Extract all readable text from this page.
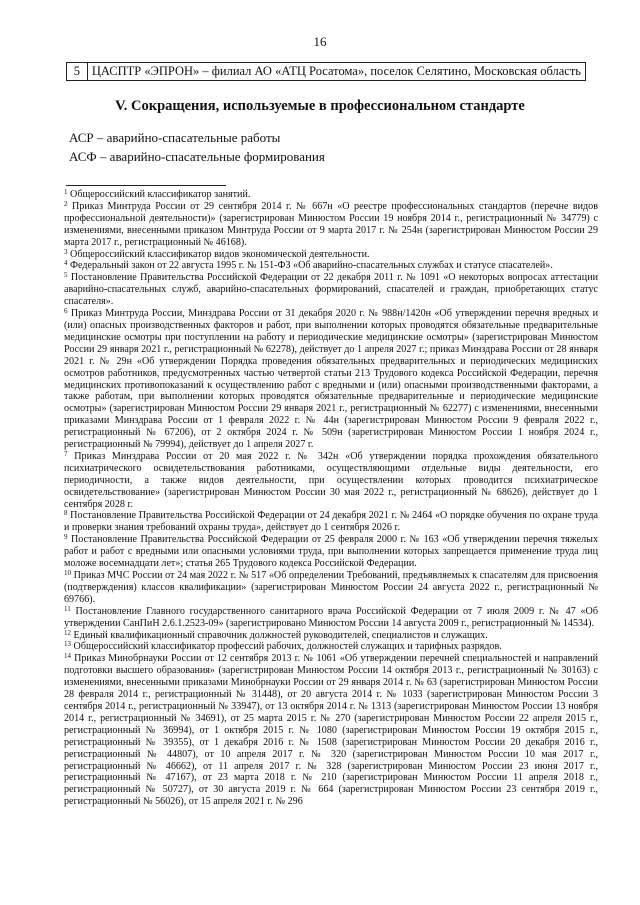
16
5	ЦАСПТР «ЭПРОН» – филиал АО «АТЦ Росатома», поселок Селятино, Московская область
V. Сокращения, используемые в профессиональном стандарте
АСР – аварийно-спасательные работы
АСФ – аварийно-спасательные формирования

$^1$ Общероссийский классификатор занятий.

$^2$ Приказ Минтруда России от 29 сентября 2014 г. № 667н «О реестре профессиональных стандартов (перечне видов профессиональной деятельности)» (зарегистрирован Минюстом России 19 ноября 2014 г., регистрационный № 34779) с изменениями, внесенными приказом Минтруда России от 9 марта 2017 г. № 254н (зарегистрирован Минюстом России 29 марта 2017 г., регистрационный № 46168).

$^3$ Общероссийский классификатор видов экономической деятельности.

$^4$ Федеральный закон от 22 августа 1995 г. № 151-ФЗ «Об аварийно-спасательных службах и статусе спасателей».

$^5$ Постановление Правительства Российской Федерации от 22 декабря 2011 г. № 1091 «О некоторых вопросах аттестации аварийно-спасательных служб, аварийно-спасательных формирований, спасателей и граждан, приобретающих статус спасателя».

$^6$ Приказ Минтруда России, Минздрава России от 31 декабря 2020 г. № 988н/1420н «Об утверждении перечня вредных и (или) опасных производственных факторов и работ, при выполнении которых проводятся обязательные предварительные медицинские осмотры при поступлении на работу и периодические медицинские осмотры» (зарегистрирован Минюстом России 29 января 2021 г., регистрационный № 62278), действует до 1 апреля 2027 г.; приказ Минздрава России от 28 января 2021 г. № 29н «Об утверждении Порядка проведения обязательных предварительных и периодических медицинских осмотров работников, предусмотренных частью четвертой статьи 213 Трудового кодекса Российской Федерации, перечня медицинских противопоказаний к осуществлению работ с вредными и (или) опасными производственными факторами, а также работам, при выполнении которых проводятся обязательные предварительные и периодические медицинские осмотры» (зарегистрирован Минюстом России 29 января 2021 г., регистрационный № 62277) с изменениями, внесенными приказами Минздрава России от 1 февраля 2022 г. № 44н (зарегистрирован Минюстом России 9 февраля 2022 г., регистрационный № 67206), от 2 октября 2024 г. № 509н (зарегистрирован Минюстом России 1 ноября 2024 г., регистрационный № 79994), действует до 1 апреля 2027 г.

$^7$ Приказ Минздрава России от 20 мая 2022 г. № 342н «Об утверждении порядка прохождения обязательного психиатрического освидетельствования работниками, осуществляющими отдельные виды деятельности, его периодичности, а также видов деятельности, при осуществлении которых проводится психиатрическое освидетельствование» (зарегистрирован Минюстом России 30 мая 2022 г., регистрационный № 68626), действует до 1 сентября 2028 г.

$^8$ Постановление Правительства Российской Федерации от 24 декабря 2021 г. № 2464 «О порядке обучения по охране труда и проверки знания требований охраны труда», действует до 1 сентября 2026 г.

$^9$ Постановление Правительства Российской Федерации от 25 февраля 2000 г. № 163 «Об утверждении перечня тяжелых работ и работ с вредными или опасными условиями труда, при выполнении которых запрещается применение труда лиц моложе восемнадцати лет»; статья 265 Трудового кодекса Российской Федерации.

$^{10}$ Приказ МЧС России от 24 мая 2022 г. № 517 «Об определении Требований, предъявляемых к спасателям для присвоения (подтверждения) классов квалификации» (зарегистрирован Минюстом России 24 августа 2022 г., регистрационный № 69766).

$^{11}$ Постановление Главного государственного санитарного врача Российской Федерации от 7 июля 2009 г. № 47 «Об утверждении СанПиН 2.6.1.2523-09» (зарегистрировано Минюстом России 14 августа 2009 г., регистрационный № 14534).

$^{12}$ Единый квалификационный справочник должностей руководителей, специалистов и служащих.

$^{13}$ Общероссийский классификатор профессий рабочих, должностей служащих и тарифных разрядов.

$^{14}$ Приказ Минобрнауки России от 12 сентября 2013 г. № 1061 «Об утверждении перечней специальностей и направлений подготовки высшего образования» (зарегистрирован Минюстом России 14 октября 2013 г., регистрационный № 30163) с изменениями, внесенными приказами Минобрнауки России от 29 января 2014 г. № 63 (зарегистрирован Минюстом России 28 февраля 2014 г., регистрационный № 31448), от 20 августа 2014 г. № 1033 (зарегистрирован Минюстом России 3 сентября 2014 г., регистрационный № 33947), от 13 октября 2014 г. № 1313 (зарегистрирован Минюстом России 13 ноября 2014 г., регистрационный № 34691), от 25 марта 2015 г. № 270 (зарегистрирован Минюстом России 22 апреля 2015 г., регистрационный № 36994), от 1 октября 2015 г. № 1080 (зарегистрирован Минюстом России 19 октября 2015 г., регистрационный № 39355), от 1 декабря 2016 г. № 1508 (зарегистрирован Минюстом России 20 декабря 2016 г., регистрационный № 44807), от 10 апреля 2017 г. № 320 (зарегистрирован Минюстом России 10 мая 2017 г., регистрационный № 46662), от 11 апреля 2017 г. № 328 (зарегистрирован Минюстом России 23 июня 2017 г., регистрационный № 47167), от 23 марта 2018 г. № 210 (зарегистрирован Минюстом России 11 апреля 2018 г., регистрационный № 50727), от 30 августа 2019 г. № 664 (зарегистрирован Минюстом России 23 сентября 2019 г., регистрационный № 56026), от 15 апреля 2021 г. № 296
